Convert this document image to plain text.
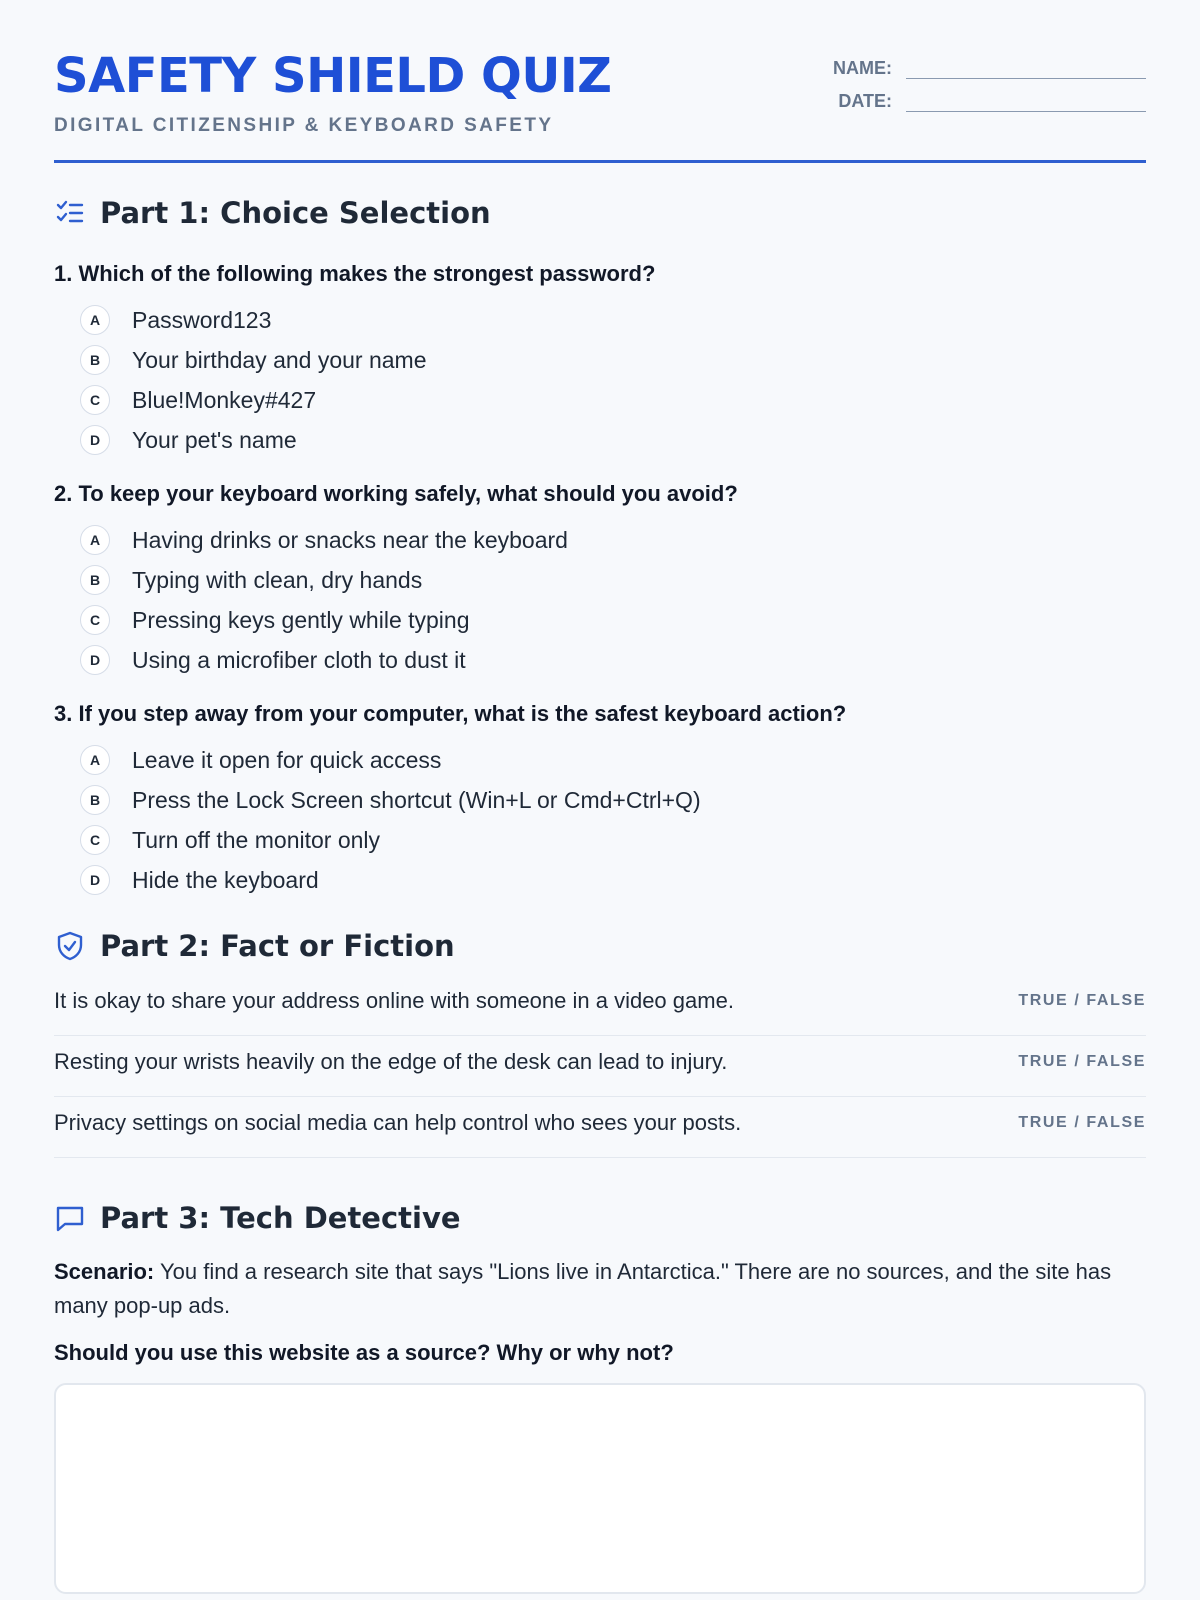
SAFETY SHIELD QUIZ
DIGITAL CITIZENSHIP & KEYBOARD SAFETY
NAME:
DATE:
Part 1: Choice Selection
1. Which of the following makes the strongest password?
A	Password123
B	Your birthday and your name
C	Blue!Monkey#427
D	Your pet's name
2. To keep your keyboard working safely, what should you avoid?
A	Having drinks or snacks near the keyboard
B	Typing with clean, dry hands
C	Pressing keys gently while typing
D	Using a microfiber cloth to dust it
3. If you step away from your computer, what is the safest keyboard action?
A	Leave it open for quick access
B	Press the Lock Screen shortcut (Win+L or Cmd+Ctrl+Q)
C	Turn off the monitor only
D	Hide the keyboard
Part 2: Fact or Fiction
It is okay to share your address online with someone in a video game.	TRUE / FALSE
Resting your wrists heavily on the edge of the desk can lead to injury.	TRUE / FALSE
Privacy settings on social media can help control who sees your posts.	TRUE / FALSE
Part 3: Tech Detective
Scenario: You find a research site that says "Lions live in Antarctica." There are no sources, and the site has many pop-up ads.
Should you use this website as a source? Why or why not?
